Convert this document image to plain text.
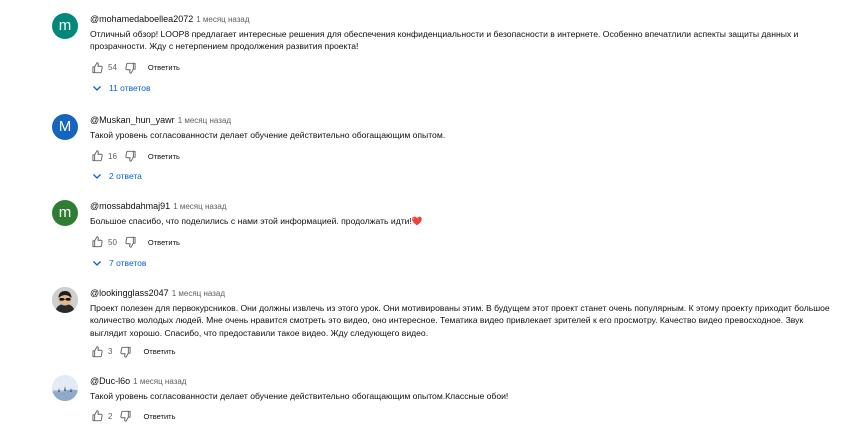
m	@mohamedaboellea2072 1 месяц назад
Отличный обзор! LOOP8 предлагает интересные решения для обеспечения конфиденциальности и безопасности в интернете. Особенно впечатлили аспекты защиты данных и прозрачности. Жду с нетерпением продолжения развития проекта!
54	Ответить
11 ответов
M	@Muskan_hun_yawr 1 месяц назад
Такой уровень согласованности делает обучение действительно обогащающим опытом.
16	Ответить
2 ответа
m	@mossabdahmaj91 1 месяц назад
Большое спасибо, что поделились с нами этой информацией. продолжать идти!❤️
50	Ответить
7 ответов
@lookingglass2047 1 месяц назад
Проект полезен для первокурсников. Они должны извлечь из этого урок. Они мотивированы этим. В будущем этот проект станет очень популярным. К этому проекту приходит большое количество молодых людей. Мне очень нравится смотреть это видео, оно интересное. Тематика видео привлекает зрителей к его просмотру. Качество видео превосходное. Звук выглядит хорошо. Спасибо, что предоставили такое видео. Жду следующего видео.
3	Ответить
@Duc-l6o 1 месяц назад
Такой уровень согласованности делает обучение действительно обогащающим опытом.Классные обои!
2	Ответить
